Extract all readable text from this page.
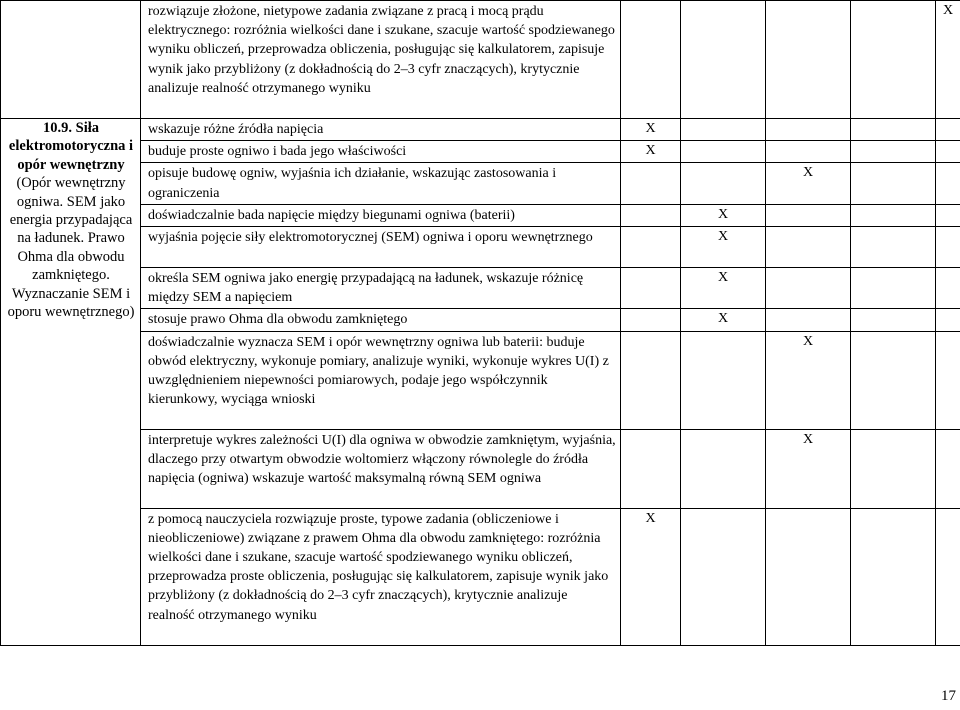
	rozwiązuje złożone, nietypowe zadania związane z pracą i mocą prądu elektrycznego: rozróżnia wielkości dane i szukane, szacuje wartość spodziewanego wyniku obliczeń, przeprowadza obliczenia, posługując się kalkulatorem, zapisuje wynik jako przybliżony (z dokładnością do 2–3 cyfr znaczących), krytycznie analizuje realność otrzymanego wyniku					X

10.9. Siła elektromotoryczna i opór wewnętrzny
(Opór wewnętrzny ogniwa. SEM jako energia przypadająca na ładunek. Prawo Ohma dla obwodu zamkniętego. Wyznaczanie SEM i oporu wewnętrznego)	wskazuje różne źródła napięcia	X				

	buduje proste ogniwo i bada jego właściwości	X				

	opisuje budowę ogniw, wyjaśnia ich działanie, wskazując zastosowania i ograniczenia			X		

	doświadczalnie bada napięcie między biegunami ogniwa (baterii)		X			

	wyjaśnia pojęcie siły elektromotorycznej (SEM) ogniwa i oporu wewnętrznego		X			

	określa SEM ogniwa jako energię przypadającą na ładunek, wskazuje różnicę między SEM a napięciem		X			

	stosuje prawo Ohma dla obwodu zamkniętego		X			

	doświadczalnie wyznacza SEM i opór wewnętrzny ogniwa lub baterii: buduje obwód elektryczny, wykonuje pomiary, analizuje wyniki, wykonuje wykres U(I) z uwzględnieniem niepewności pomiarowych, podaje jego współczynnik kierunkowy, wyciąga wnioski			X		

	interpretuje wykres zależności U(I) dla ogniwa w obwodzie zamkniętym, wyjaśnia, dlaczego przy otwartym obwodzie woltomierz włączony równolegle do źródła napięcia (ogniwa) wskazuje wartość maksymalną równą SEM ogniwa			X		

	z pomocą nauczyciela rozwiązuje proste, typowe zadania (obliczeniowe i nieobliczeniowe) związane z prawem Ohma dla obwodu zamkniętego: rozróżnia wielkości dane i szukane, szacuje wartość spodziewanego wyniku obliczeń, przeprowadza proste obliczenia, posługując się kalkulatorem, zapisuje wynik jako przybliżony (z dokładnością do 2–3 cyfr znaczących), krytycznie analizuje realność otrzymanego wyniku	X				

17
